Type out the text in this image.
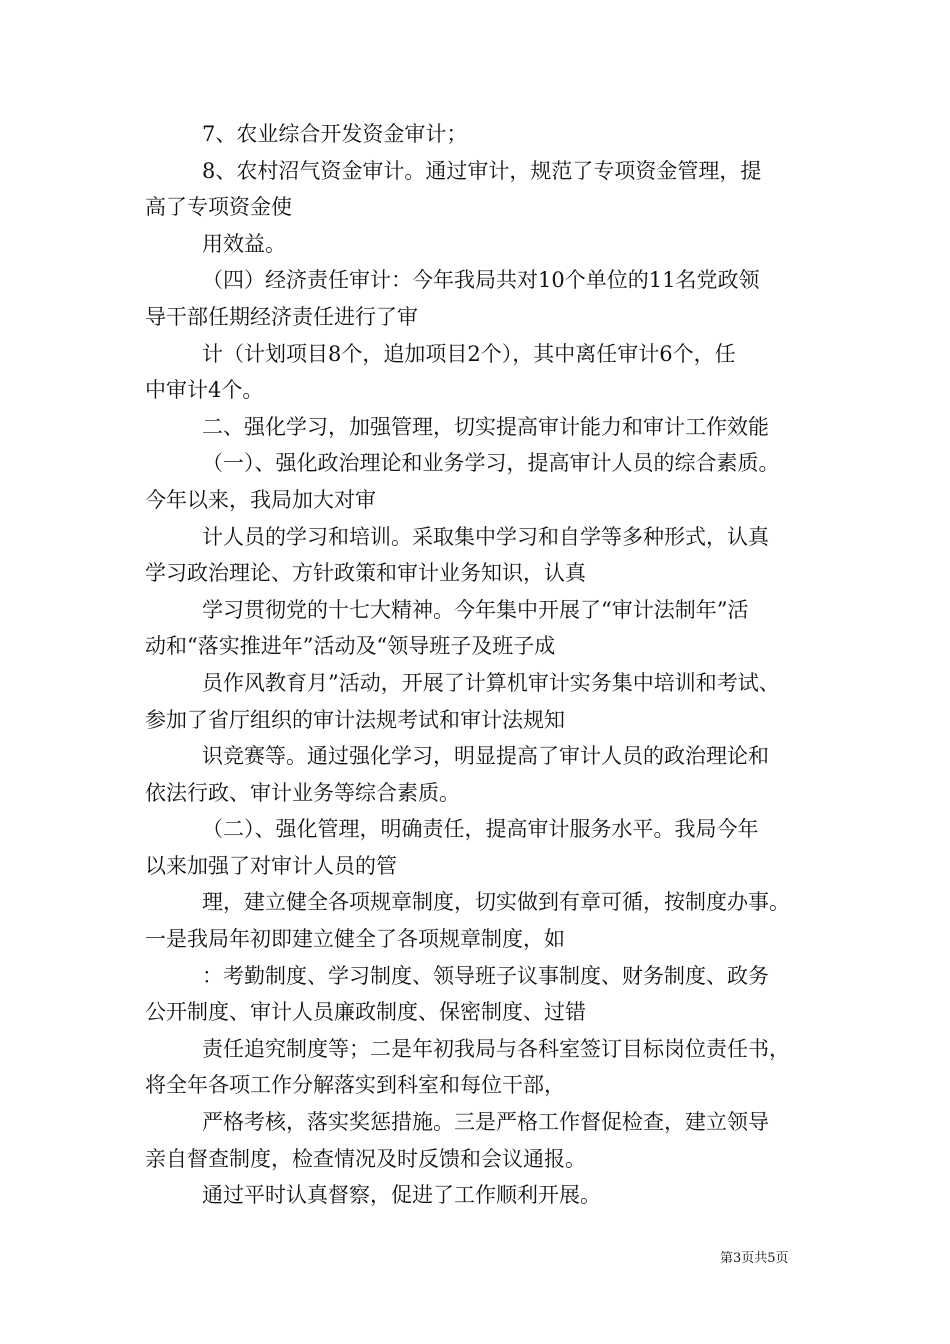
7、农业综合开发资金审计；
8、农村沼气资金审计。通过审计，规范了专项资金管理，提
高了专项资金使
用效益。
（四）经济责任审计：今年我局共对10个单位的11名党政领
导干部任期经济责任进行了审
计（计划项目8个，追加项目2个），其中离任审计6个，任
中审计4个。
二、强化学习，加强管理，切实提高审计能力和审计工作效能
（一）、强化政治理论和业务学习，提高审计人员的综合素质。
今年以来，我局加大对审
计人员的学习和培训。采取集中学习和自学等多种形式，认真
学习政治理论、方针政策和审计业务知识，认真
学习贯彻党的十七大精神。今年集中开展了“审计法制年”活
动和“落实推进年”活动及“领导班子及班子成
员作风教育月”活动，开展了计算机审计实务集中培训和考试、
参加了省厅组织的审计法规考试和审计法规知
识竞赛等。通过强化学习，明显提高了审计人员的政治理论和
依法行政、审计业务等综合素质。
（二）、强化管理，明确责任，提高审计服务水平。我局今年
以来加强了对审计人员的管
理，建立健全各项规章制度，切实做到有章可循，按制度办事。
一是我局年初即建立健全了各项规章制度，如
：考勤制度、学习制度、领导班子议事制度、财务制度、政务
公开制度、审计人员廉政制度、保密制度、过错
责任追究制度等；二是年初我局与各科室签订目标岗位责任书，
将全年各项工作分解落实到科室和每位干部，
严格考核，落实奖惩措施。三是严格工作督促检查，建立领导
亲自督查制度，检查情况及时反馈和会议通报。
通过平时认真督察，促进了工作顺利开展。
第3页共5页
